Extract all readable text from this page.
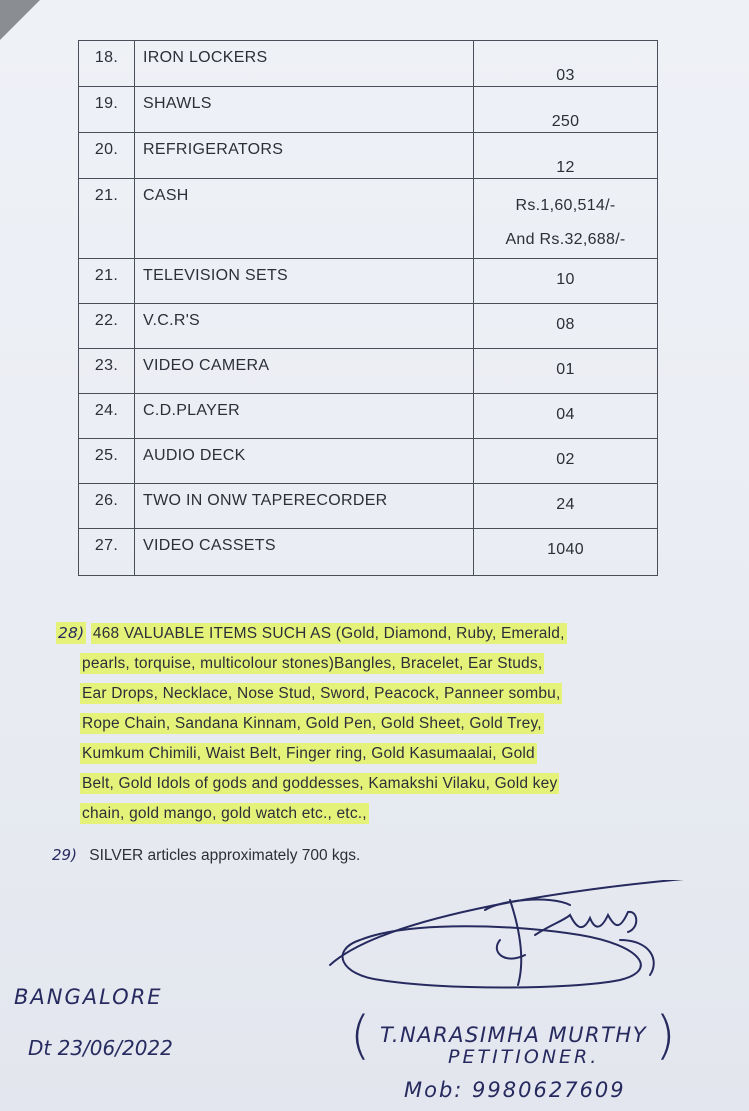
18.	IRON LOCKERS	03
19.	SHAWLS	250
20.	REFRIGERATORS	12
21.	CASH	Rs.1,60,514/-
And Rs.32,688/-

21.	TELEVISION SETS	10
22.	V.C.R'S	08
23.	VIDEO CAMERA	01
24.	C.D.PLAYER	04
25.	AUDIO DECK	02
26.	TWO IN ONW TAPERECORDER	24
27.	VIDEO CASSETS	1040
28) 468 VALUABLE ITEMS SUCH AS (Gold, Diamond, Ruby, Emerald,
pearls, torquise, multicolour stones)Bangles, Bracelet, Ear Studs,
Ear Drops, Necklace, Nose Stud, Sword, Peacock, Panneer sombu,
Rope Chain, Sandana Kinnam, Gold Pen, Gold Sheet, Gold Trey,
Kumkum Chimili, Waist Belt, Finger ring, Gold Kasumaalai, Gold
Belt, Gold Idols of gods and goddesses, Kamakshi Vilaku, Gold key
chain, gold mango, gold watch etc., etc.,
29) SILVER articles approximately 700 kgs.
BANGALORE
Dt 23/06/2022	( T.NARASIMHA MURTHY )
PETITIONER.
Mob: 9980627609
